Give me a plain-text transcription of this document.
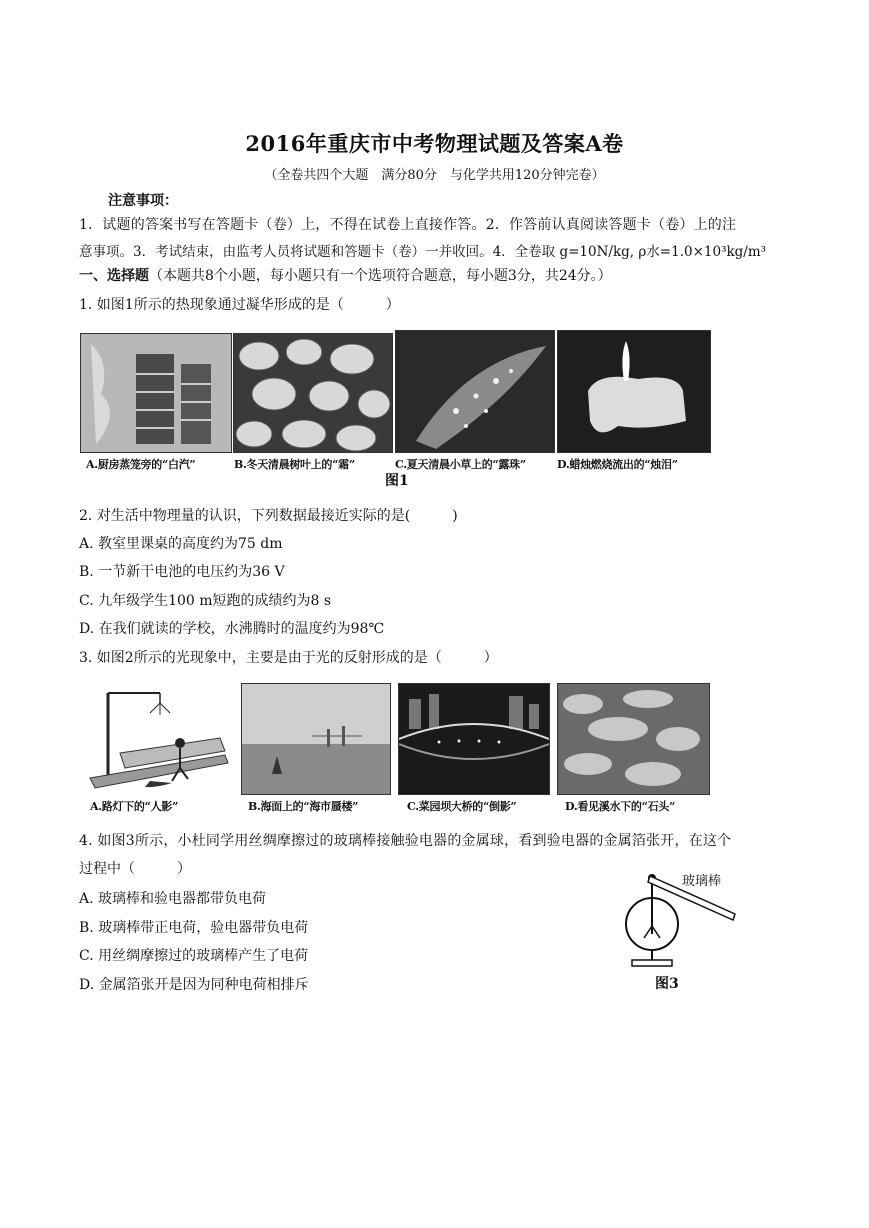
2016年重庆市中考物理试题及答案A卷
（全卷共四个大题　满分80分　与化学共用120分钟完卷）
注意事项：
1．试题的答案书写在答题卡（卷）上，不得在试卷上直接作答。2．作答前认真阅读答题卡（卷）上的注
意事项。3．考试结束，由监考人员将试题和答题卡（卷）一并收回。4．全卷取 g=10N/kg, ρ水=1.0×10³kg/m³
一、选择题（本题共8个小题，每小题只有一个选项符合题意，每小题3分，共24分。）
1. 如图1所示的热现象通过凝华形成的是（　　　）
A.厨房蒸笼旁的“白汽”	B.冬天清晨树叶上的“霜”	C.夏天清晨小草上的“露珠”	D.蜡烛燃烧流出的“烛泪”
图1
2. 对生活中物理量的认识，下列数据最接近实际的是(　　　)
A. 教室里课桌的高度约为75 dm
B. 一节新干电池的电压约为36 V
C. 九年级学生100 m短跑的成绩约为8 s
D. 在我们就读的学校，水沸腾时的温度约为98℃
3. 如图2所示的光现象中，主要是由于光的反射形成的是（　　　）
A.路灯下的“人影”	B.海面上的“海市蜃楼”	C.菜园坝大桥的“倒影”	D.看见溪水下的“石头”
4. 如图3所示，小杜同学用丝绸摩擦过的玻璃棒接触验电器的金属球，看到验电器的金属箔张开，在这个
过程中（　　　）
A. 玻璃棒和验电器都带负电荷
B. 玻璃棒带正电荷，验电器带负电荷
C. 用丝绸摩擦过的玻璃棒产生了电荷
D. 金属箔张开是因为同种电荷相排斥
玻璃棒
图3
